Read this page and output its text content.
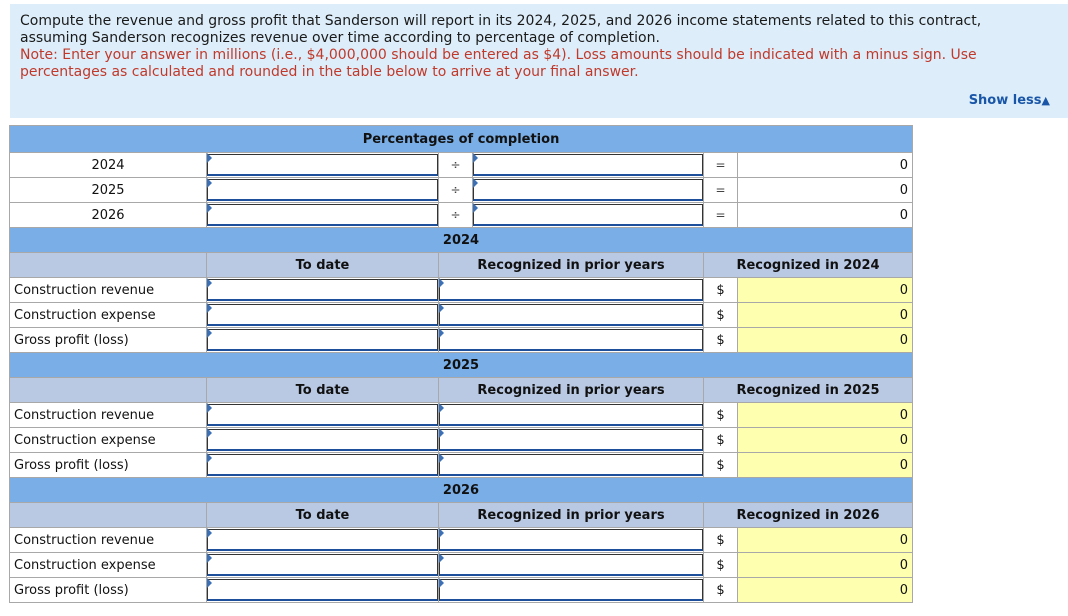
Compute the revenue and gross profit that Sanderson will report in its 2024, 2025, and 2026 income statements related to this contract,

assuming Sanderson recognizes revenue over time according to percentage of completion.

Note: Enter your answer in millions (i.e., $4,000,000 should be entered as $4). Loss amounts should be indicated with a minus sign. Use

percentages as calculated and rounded in the table below to arrive at your final answer.

Show less▲
Percentages of completion					
2024		÷		=	0
2025		÷		=	0
2026		÷		=	0
2024					
	To date	Recognized in prior years		Recognized in 2024	
Construction revenue				$	0
Construction expense				$	0
Gross profit (loss)				$	0
2025					
	To date	Recognized in prior years		Recognized in 2025	
Construction revenue				$	0
Construction expense				$	0
Gross profit (loss)				$	0
2026					
	To date	Recognized in prior years		Recognized in 2026	
Construction revenue				$	0
Construction expense				$	0
Gross profit (loss)				$	0
